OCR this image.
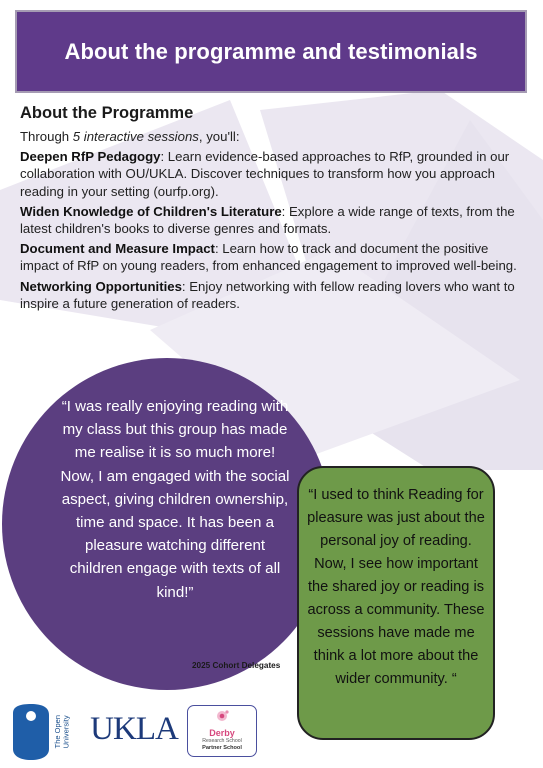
About the programme and testimonials
About the Programme

Through 5 interactive sessions, you'll:

Deepen RfP Pedagogy: Learn evidence-based approaches to RfP, grounded in our collaboration with OU/UKLA. Discover techniques to transform how you approach reading in your setting (ourfp.org).

Widen Knowledge of Children's Literature: Explore a wide range of texts, from the latest children's books to diverse genres and formats.

Document and Measure Impact: Learn how to track and document the positive impact of RfP on young readers, from enhanced engagement to improved well-being.

Networking Opportunities: Enjoy networking with fellow reading lovers who want to inspire a future generation of readers.

“I was really enjoying reading with my class but this group has made me realise it is so much more! Now, I am engaged with the social aspect, giving children ownership, time and space. It has been a pleasure watching different children engage with texts of all kind!”

2025 Cohort Delegates

“I used to think Reading for pleasure was just about the personal joy of reading. Now, I see how important the shared joy or reading is across a community. These sessions have made me think a lot more about the wider community. “

The Open
University UKLA	Derby
Research School
Partner School
